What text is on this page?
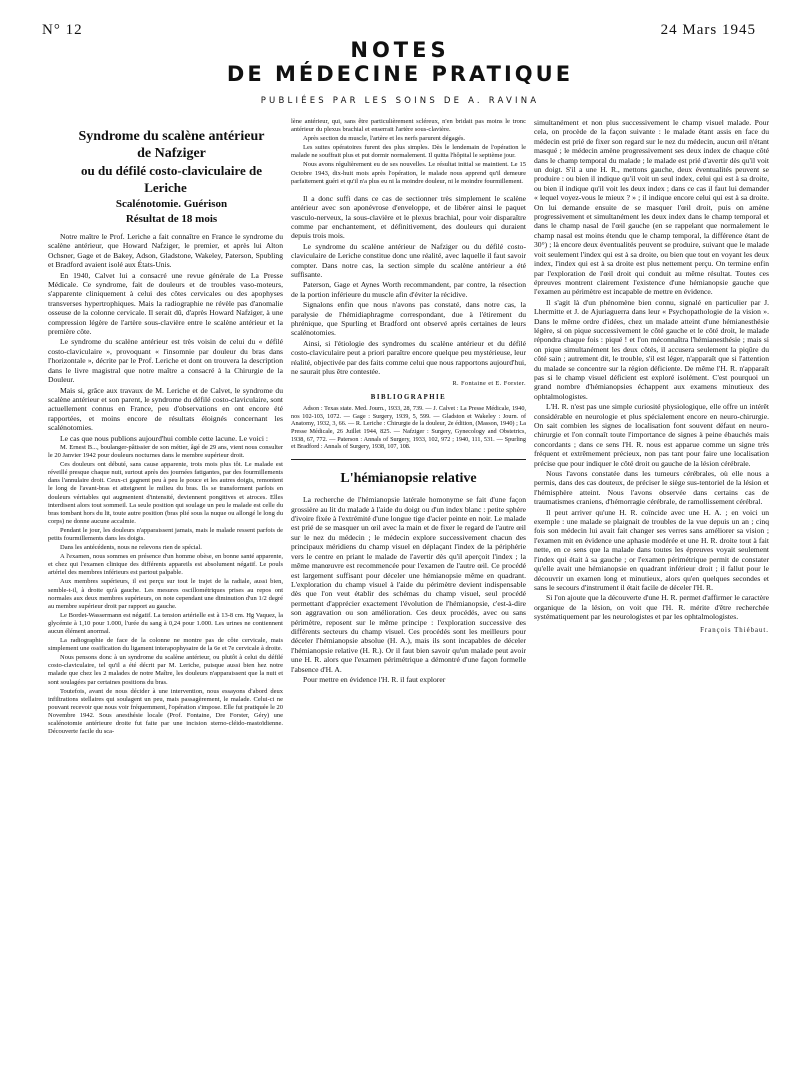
N° 12	24 Mars 1945

NOTES

DE MÉDECINE PRATIQUE

PUBLIÉES PAR LES SOINS DE A. RAVINA

Syndrome du scalène antérieur

de Nafziger

ou du défilé costo-claviculaire de Leriche

Scalénotomie. Guérison

Résultat de 18 mois

Notre maître le Prof. Leriche a fait connaître en France le syndrome du scalène antérieur, que Howard Nafziger, le premier, et après lui Alton Ochsner, Gage et de Bakey, Adson, Gladstone, Wakeley, Paterson, Spubling et Bradford avaient isolé aux États-Unis.

En 1940, Calvet lui a consacré une revue générale de La Presse Médicale. Ce syndrome, fait de douleurs et de troubles vaso-moteurs, s'apparente cliniquement à celui des côtes cervicales ou des apophyses transverses hypertrophiques. Mais la radiographie ne révèle pas d'anomalie osseuse de la colonne cervicale. Il serait dû, d'après Howard Nafziger, à une compression légère de l'artère sous-clavière entre le scalène antérieur et la première côte.

Le syndrome du scalène antérieur est très voisin de celui du « défilé costo-claviculaire », provoquant « l'insomnie par douleur du bras dans l'horizontale », décrite par le Prof. Leriche et dont on trouvera la description dans le livre magistral que notre maître a consacré à la Chirurgie de la Douleur.

Mais si, grâce aux travaux de M. Leriche et de Calvet, le syndrome du scalène antérieur et son parent, le syndrome du défilé costo-claviculaire, sont actuellement connus en France, peu d'observations en ont encore été rapportées, et moins encore de résultats éloignés concernant les scalénotomies.

Le cas que nous publions aujourd'hui comble cette lacune. Le voici :

M. Ernest B..., boulanger-pâtissier de son métier, âgé de 29 ans, vient nous consulter le 20 Janvier 1942 pour douleurs nocturnes dans le membre supérieur droit.

Ces douleurs ont débuté, sans cause apparente, trois mois plus tôt. Le malade est réveillé presque chaque nuit, surtout après des journées fatigantes, par des fourmillements dans l'annulaire droit. Ceux-ci gagnent peu à peu le pouce et les autres doigts, remontent le long de l'avant-bras et atteignent le milieu du bras. Ils se transforment parfois en douleurs véritables qui augmentent d'intensité, deviennent pongitives et atroces. Elles interdisent alors tout sommeil. La seule position qui soulage un peu le malade est celle du bras tombant hors du lit, toute autre position (bras plié sous la nuque ou allongé le long du corps) ne donne aucune accalmie.

Pendant le jour, les douleurs n'apparaissent jamais, mais le malade ressent parfois de petits fourmillements dans les doigts.

Dans les antécédents, nous ne relevons rien de spécial.

A l'examen, nous sommes en présence d'un homme obèse, en bonne santé apparente, et chez qui l'examen clinique des différents appareils est absolument négatif. Le pouls artériel des membres inférieurs est partout palpable.

Aux membres supérieurs, il est perçu sur tout le trajet de la radiale, aussi bien, semble-t-il, à droite qu'à gauche. Les mesures oscillométriques prises au repos ont normales aux deux membres supérieurs, on note cependant une diminution d'un 1/2 degré au membre supérieur droit par rapport au gauche.

Le Bordet-Wassermann est négatif. La tension artérielle est à 13-8 cm. Hg Vaquez, la glycémie à 1,10 pour 1.000, l'urée du sang à 0,24 pour 1.000. Les urines ne contiennent aucun élément anormal.

La radiographie de face de la colonne ne montre pas de côte cervicale, mais simplement une ossification du ligament interapophysaire de la 6e et 7e cervicale à droite.

Nous pensons donc à un syndrome du scalène antérieur, ou plutôt à celui du défilé costo-claviculaire, tel qu'il a été décrit par M. Leriche, puisque aussi bien hez notre malade que chez les 2 malades de notre Maître, les douleurs n'apparaissent que la nuit et sont soulagées par certaines positions du bras.

Toutefois, avant de nous décider à une intervention, nous essayons d'abord deux infiltrations stellaires qui soulagent un peu, mais passagèrement, le malade. Celui-ci ne pouvant recevoir que nous voir fréquemment, l'opération s'impose. Elle fut pratiquée le 20 Novembre 1942. Sous anesthésie locale (Prof. Fontaine, Dre Forster, Géry) une scalénotomie antérieure droite fut faite par une incision sterno-cléido-mastoïdienne. Découverte facile du sca-

lène antérieur, qui, sans être particulièrement scléreux, n'en bridait pas moins le tronc antérieur du plexus brachial et enserrait l'artère sous-clavière.

Après section du muscle, l'artère et les nerfs parurent dégagés.

Les suites opératoires furent des plus simples. Dès le lendemain de l'opération le malade ne souffrait plus et put dormir normalement. Il quitta l'hôpital le septième jour.

Nous avons régulièrement eu de ses nouvelles. Le résultat initial se maintient. Le 15 Octobre 1943, dix-huit mois après l'opération, le malade nous apprend qu'il demeure parfaitement guéri et qu'il n'a plus eu ni la moindre douleur, ni le moindre fourmillement.

Il a donc suffi dans ce cas de sectionner très simplement le scalène antérieur avec son aponévrose d'enveloppe, et de libérer ainsi le paquet vasculo-nerveux, la sous-clavière et le plexus brachial, pour voir disparaître comme par enchantement, et définitivement, des douleurs qui duraient depuis trois mois.

Le syndrome du scalène antérieur de Nafziger ou du défilé costo-claviculaire de Leriche constitue donc une réalité, avec laquelle il faut savoir compter. Dans notre cas, la section simple du scalène antérieur a été suffisante.

Paterson, Gage et Aynes Worth recommandent, par contre, la résection de la portion inférieure du muscle afin d'éviter la récidive.

Signalons enfin que nous n'avons pas constaté, dans notre cas, la paralysie de l'hémidiaphragme correspondant, due à l'étirement du phrénique, que Spurling et Bradford ont observé après certaines de leurs scalénotomies.

Ainsi, si l'étiologie des syndromes du scalène antérieur et du défilé costo-claviculaire peut a priori paraître encore quelque peu mystérieuse, leur réalité, objectivée par des faits comme celui que nous rapportons aujourd'hui, ne saurait plus être contestée.

R. Fontaine et E. Forster.
BIBLIOGRAPHIE

Adson : Texas state. Med. Journ., 1933, 28, 739. — J. Calvet : La Presse Médicale, 1940, nos 102-103, 1072. — Gage : Surgery, 1939, 5, 599. — Gladston et Wakeley : Journ. of Anatomy, 1932, 3, 66. — R. Leriche : Chirurgie de la douleur, 2e édition, (Masson, 1940) ; La Presse Médicale, 26 Juillet 1944, 825. — Nafziger : Surgery, Gynecology and Obstetrics, 1938, 67, 772. — Paterson : Annals of Surgery, 1933, 102, 972 ; 1940, 111, 531. — Spurling et Bradford : Annals of Surgery, 1938, 107, 108.

L'hémianopsie relative

La recherche de l'hémianopsie latérale homonyme se fait d'une façon grossière au lit du malade à l'aide du doigt ou d'un index blanc : petite sphère d'ivoire fixée à l'extrémité d'une longue tige d'acier peinte en noir. Le malade est prié de se masquer un œil avec la main et de fixer le regard de l'autre œil sur le nez du médecin ; le médecin explore successivement chacun des principaux méridiens du champ visuel en déplaçant l'index de la périphérie vers le centre en priant le malade de l'avertir dès qu'il aperçoit l'index ; la même manœuvre est recommencée pour l'examen de l'autre œil. Ce procédé est largement suffisant pour déceler une hémianopsie même en quadrant. L'exploration du champ visuel à l'aide du périmètre devient indispensable dès que l'on veut établir des schémas du champ visuel, seul procédé permettant d'apprécier exactement l'évolution de l'hémianopsie, c'est-à-dire son aggravation ou son amélioration. Ces deux procédés, avec ou sans périmètre, reposent sur le même principe : l'exploration successive des différents secteurs du champ visuel. Ces procédés sont les meilleurs pour déceler l'hémianopsie absolue (H. A.), mais ils sont incapables de déceler l'hémianopsie relative (H. R.). Or il faut bien savoir qu'un malade peut avoir une H. R. alors que l'examen périmétrique a démontré d'une façon formelle l'absence d'H. A.

Pour mettre en évidence l'H. R. il faut explorer

simultanément et non plus successivement le champ visuel malade. Pour cela, on procède de la façon suivante : le malade étant assis en face du médecin est prié de fixer son regard sur le nez du médecin, aucun œil n'étant masqué ; le médecin amène progressivement ses deux index de chaque côté dans le champ temporal du malade ; le malade est prié d'avertir dès qu'il voit un doigt. S'il a une H. R., mettons gauche, deux éventualités peuvent se produire : ou bien il indique qu'il voit un seul index, celui qui est à sa droite, ou bien il indique qu'il voit les deux index ; dans ce cas il faut lui demander « lequel voyez-vous le mieux ? » ; il indique encore celui qui est à sa droite. On lui demande ensuite de se masquer l'œil droit, puis on amène progressivement et simultanément les deux index dans le champ temporal et dans le champ nasal de l'œil gauche (en se rappelant que normalement le champ nasal est moins étendu que le champ temporal, la différence étant de 30°) ; là encore deux éventualités peuvent se produire, suivant que le malade voit seulement l'index qui est à sa droite, ou bien que tout en voyant les deux index, l'index qui est à sa droite est plus nettement perçu. On termine enfin par l'exploration de l'œil droit qui conduit au même résultat. Toutes ces épreuves montrent clairement l'existence d'une hémianopsie gauche que l'examen au périmètre est incapable de mettre en évidence.

Il s'agit là d'un phénomène bien connu, signalé en particulier par J. Lhermitte et J. de Ajuriaguerra dans leur « Psychopathologie de la vision ». Dans le même ordre d'idées, chez un malade atteint d'une hémianesthésie légère, si on pique successivement le côté gauche et le côté droit, le malade répondra chaque fois : piqué ! et l'on méconnaîtra l'hémianesthésie ; mais si on pique simultanément les deux côtés, il accusera seulement la piqûre du côté sain ; autrement dit, le trouble, s'il est léger, n'apparaît que si l'attention du malade se concentre sur la région déficiente. De même l'H. R. n'apparaît pas si le champ visuel déficient est exploré isolément. C'est pourquoi un grand nombre d'hémianopsies échappent aux examens minutieux des ophtalmologistes.

L'H. R. n'est pas une simple curiosité physiologique, elle offre un intérêt considérable en neurologie et plus spécialement encore en neuro-chirurgie. On sait combien les signes de localisation font souvent défaut en neuro-chirurgie et l'on connaît toute l'importance de signes à peine ébauchés mais concordants ; dans ce sens l'H. R. nous est apparue comme un signe très fréquent et extrêmement précieux, non pas tant pour faire une localisation précise que pour indiquer le côté droit ou gauche de la lésion cérébrale.

Nous l'avons constatée dans les tumeurs cérébrales, où elle nous a permis, dans des cas douteux, de préciser le siège sus-tentoriel de la lésion et l'hémisphère atteint. Nous l'avons observée dans certains cas de traumatismes craniens, d'hémorragie cérébrale, de ramollissement cérébral.

Il peut arriver qu'une H. R. coïncide avec une H. A. ; en voici un exemple : une malade se plaignait de troubles de la vue depuis un an ; cinq fois son médecin lui avait fait changer ses verres sans améliorer sa vision ; l'examen mit en évidence une aphasie modérée et une H. R. droite tout à fait nette, en ce sens que la malade dans toutes les épreuves voyait seulement l'index qui était à sa gauche ; or l'examen périmétrique permit de constater qu'elle avait une hémianopsie en quadrant inférieur droit ; il fallut pour le découvrir un examen long et minutieux, alors qu'en quelques secondes et sans le secours d'instrument il était facile de déceler l'H. R.

Si l'on ajoute que la découverte d'une H. R. permet d'affirmer le caractère organique de la lésion, on voit que l'H. R. mérite d'être recherchée systématiquement par les neurologistes et par les ophtalmologistes.

François Thiébaut.
